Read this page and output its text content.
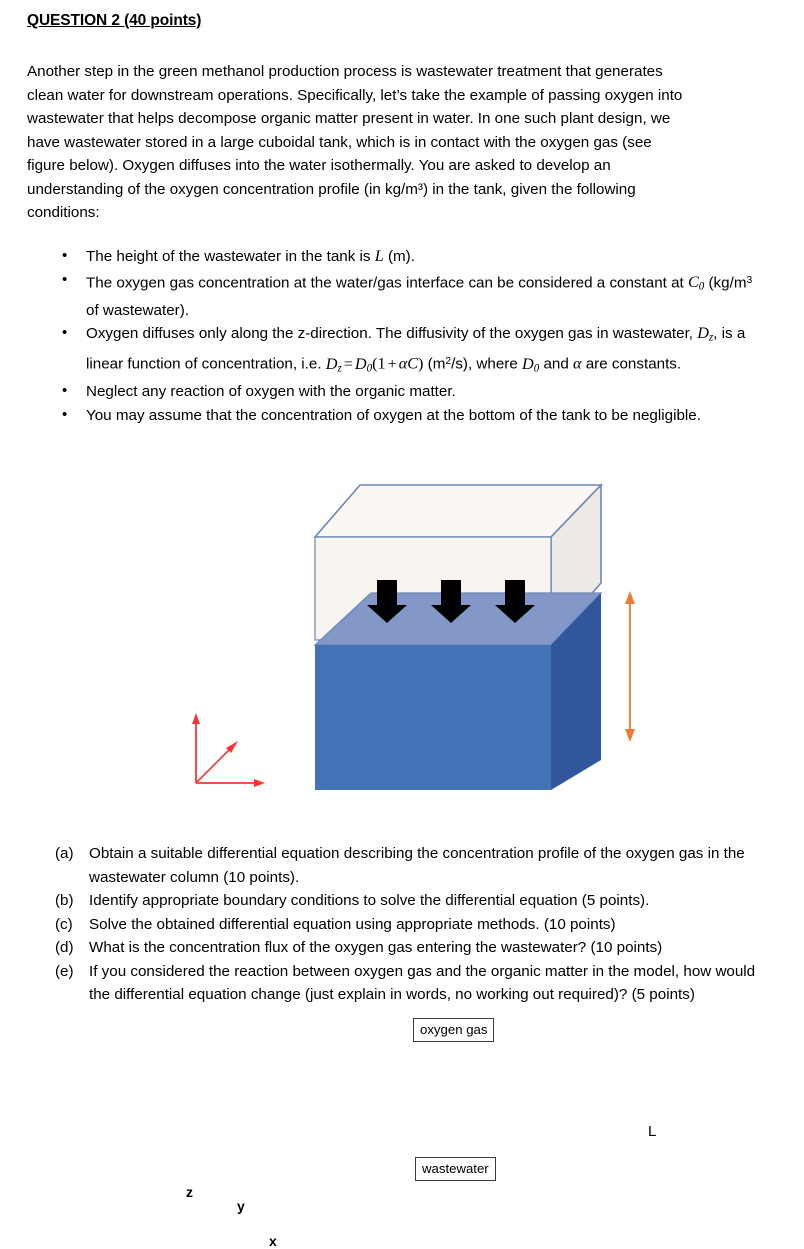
QUESTION 2 (40 points)
Another step in the green methanol production process is wastewater treatment that generates clean water for downstream operations. Specifically, let’s take the example of passing oxygen into wastewater that helps decompose organic matter present in water. In one such plant design, we have wastewater stored in a large cuboidal tank, which is in contact with the oxygen gas (see figure below). Oxygen diffuses into the water isothermally. You are asked to develop an understanding of the oxygen concentration profile (in kg/m³) in the tank, given the following conditions:
• The height of the wastewater in the tank is L (m).
• The oxygen gas concentration at the water/gas interface can be considered a constant at $C_0$ ($kg/m^3$ of wastewater).
• Oxygen diffuses only along the z-direction. The diffusivity of the oxygen gas in wastewater, $D_z$, is a linear function of concentration, i.e. $D_z = D_0(1 + \alpha C)$ $(m^2/s)$, where $D_0$ and α are constants.
• Neglect any reaction of oxygen with the organic matter.
• You may assume that the concentration of oxygen at the bottom of the tank to be negligible.
oxygen gas
wastewater
z
y
x
L
(a)	Obtain a suitable differential equation describing the concentration profile of the oxygen gas in the wastewater column (10 points).
(b)	Identify appropriate boundary conditions to solve the differential equation (5 points).
(c)	Solve the obtained differential equation using appropriate methods. (10 points)
(d)	What is the concentration flux of the oxygen gas entering the wastewater? (10 points)
(e)	If you considered the reaction between oxygen gas and the organic matter in the model, how would the differential equation change (just explain in words, no working out required)? (5 points)
